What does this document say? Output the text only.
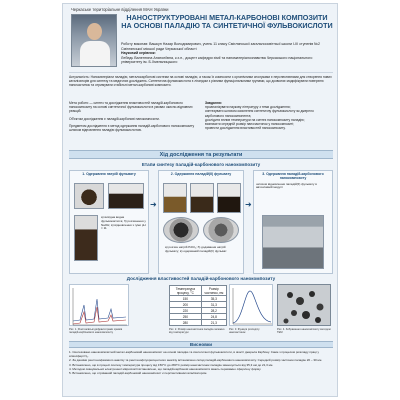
Черкаське територіальне відділення МАН України
НАНОСТРУКТУРОВАНІ МЕТАЛ-КАРБОНОВІ КОМПОЗИТИ НА ОСНОВІ ПАЛАДІЮ ТА СИНТЕТИЧНОЇ ФУЛЬВОКИСЛОТИ
Роботу виконав: Вашкун Назар Володимирович, учень 11 класу Сміглянської загальноосвітньої школи І-ІІІ ступенів №2 Сміглянської міської ради Черкаської області
Науковий керівник:
Лебедь Валентина Анатоліївна, к.х.н., доцент кафедри хімії та наноматеріалознавства Черкаського національного університету ім. Б.Хмельницького
Актуальність: Наноматеріали паладію, металокарбонові системи на основі паладію, а також їх композити з органічними сполуками є перспективними для створення нових каталізаторів для синтезу та медичних досліджень. Синтетична фульвокислота є лігандом з різними функціональними групами, що дозволяє модифікувати поверхню наночастинок та отримувати стабільні метал-карбонові композити.

Мета роботи — синтез та дослідження властивостей паладій-карбонового нанокомпозиту на основі синтетичної фульвокислоти в умовах окисно-відновних реакцій.

Об'єктом дослідження є паладій-карбонові нанокомпозити.

Предметом дослідження є метод одержання паладій-карбонового нанокомпозиту шляхом відновлення паладію фульвокислотою.

Завдання:
проаналізувати наукову літературу з теми дослідження;
синтезувати шляхом окиснення синтетичну фульвокислоту як джерело карбонового нанокомпонента;
дослідити вплив температури на синтез нанокомпозиту паладію;
визначити середній розмір наночастинок у нанокомпозиті;
провести дослідження властивостей нанокомпозиту.
Хід дослідження та результати
Етапи синтезу паладій-карбонового нанокомпозиту
1. Одержання натрій фульвату
а) вихідна водна фульвокислота; б) розчинення у NaOH; в) відновлення з гуми pH = 11
➜
2. Одержання паладій(II) фульвату
а) розчин натрій PdCl₂; б) додавання натрій фульвату; в) одержаний паладій(II) фульват
➜
3. Одержання паладій-карбонового нанокомпозиту
шляхом відновлення паладій(II) фульвату в автоклавній модулі
Дослідження властивостей паладій-карбонового нанокомпозиту
Температура процесу, °C	Розмір частинок, нм
150	35,3
200	31,3
220	28,2
250	24,8
280	21,3
Рис. 1. Рентгенівські дифрактограми зразків паладій-карбонового нанокомпозиту
Рис. 2. Розмір наночастинок паладію залежно від температури
Рис. 3. Функція розподілу наночастинок
Рис. 4. Зображення нанокомпозиту методом TEM
Висновки
1. Синтезовано нанокомпозитний метал-карбоновий нанокомпозит на основі паладію та синтетичної фульвокислоти, в якості джерела Карбону. Саме з процесом розкладу праці у атмосфері N₂.
2. За даними рентгенофазового аналізу та рентгенофлуоресцентного аналізу встановлено склад паладій-карбонового нанокомпозиту. Середній розмір частинок паладію 20 – 30 нм.
3. Встановлено, що в процесі синтезу температура процесу від 150°С до 280°С розмір наночастинок паладію зменшується від 35,3 нм до 21,3 нм.
4. Методом сканувальної електронної мікроскопії встановлено, що паладій-карбонові нанокомпозити мають переважно сферичну форму.
5. Встановлено, що отриманий паладій-карбоновий нанокомпозит є перспективним каталізатором.
